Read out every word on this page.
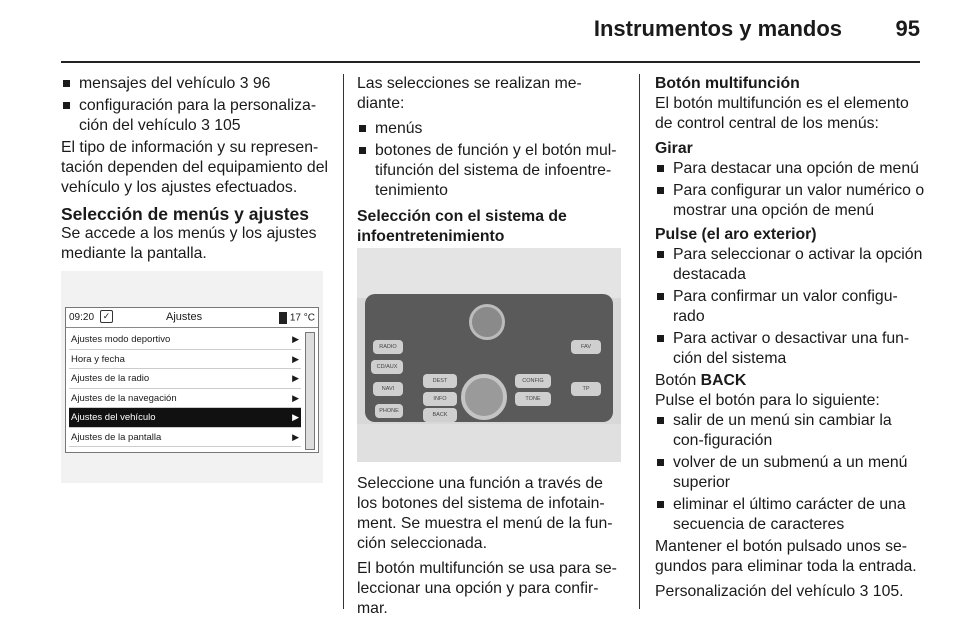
Instrumentos y mandos 95
mensajes del vehículo 3 96
configuración para la personaliza-ción del vehículo 3 105
El tipo de información y su represen-tación dependen del equipamiento del vehículo y los ajustes efectuados.
Selección de menús y ajustes
Se accede a los menús y los ajustes mediante la pantalla.
09:20 ✓	Ajustes	17 °C
Ajustes modo deportivo	▶
Hora y fecha	▶
Ajustes de la radio	▶
Ajustes de la navegación	▶
Ajustes del vehículo	▶
Ajustes de la pantalla	▶
Las selecciones se realizan me-diante:
menús
botones de función y el botón mul-tifunción del sistema de infoentre-tenimiento
Selección con el sistema de infoentretenimiento
RADIO
CD/AUX
NAVI
PHONE
DEST
INFO
BACK
CONFIG
TONE
FAV
TP
Seleccione una función a través de los botones del sistema de infotain-ment. Se muestra el menú de la fun-ción seleccionada.
El botón multifunción se usa para se-leccionar una opción y para confir-mar.
Botón multifunción
El botón multifunción es el elemento de control central de los menús:
Girar
Para destacar una opción de menú
Para configurar un valor numérico o mostrar una opción de menú
Pulse (el aro exterior)
Para seleccionar o activar la opción destacada
Para confirmar un valor configu-rado
Para activar o desactivar una fun-ción del sistema
Botón BACK
Pulse el botón para lo siguiente:
salir de un menú sin cambiar la con-figuración
volver de un submenú a un menú superior
eliminar el último carácter de una secuencia de caracteres
Mantener el botón pulsado unos se-gundos para eliminar toda la entrada.
Personalización del vehículo 3 105.
